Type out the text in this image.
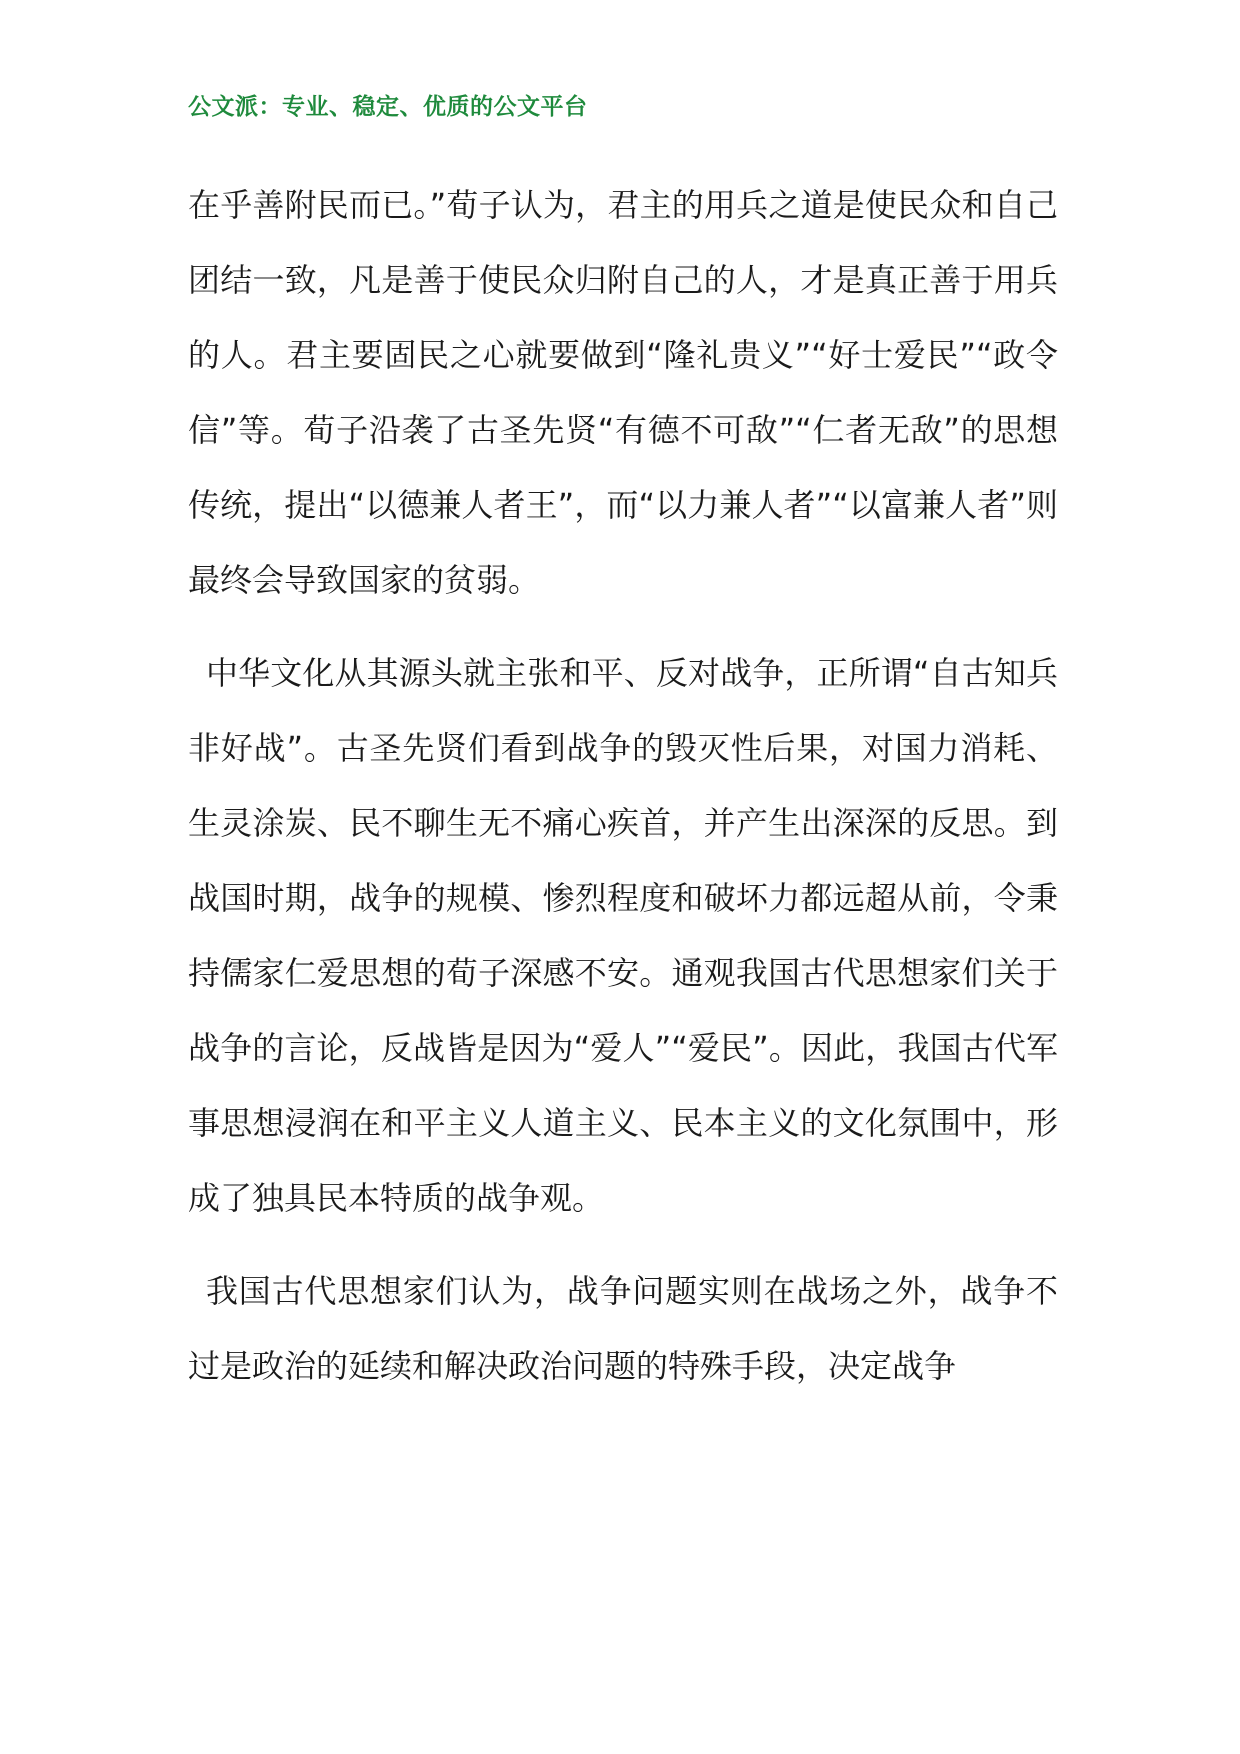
公文派：专业、稳定、优质的公文平台

在乎善附民而已。”荀子认为，君主的用兵之道是使民众和自己团结一致，凡是善于使民众归附自己的人，才是真正善于用兵的人。君主要固民之心就要做到“隆礼贵义”“好士爱民”“政令信”等。荀子沿袭了古圣先贤“有德不可敌”“仁者无敌”的思想传统，提出“以德兼人者王”，而“以力兼人者”“以富兼人者”则最终会导致国家的贫弱。

中华文化从其源头就主张和平、反对战争，正所谓“自古知兵非好战”。古圣先贤们看到战争的毁灭性后果，对国力消耗、生灵涂炭、民不聊生无不痛心疾首，并产生出深深的反思。到战国时期，战争的规模、惨烈程度和破坏力都远超从前，令秉持儒家仁爱思想的荀子深感不安。通观我国古代思想家们关于战争的言论，反战皆是因为“爱人”“爱民”。因此，我国古代军事思想浸润在和平主义人道主义、民本主义的文化氛围中，形成了独具民本特质的战争观。

我国古代思想家们认为，战争问题实则在战场之外，战争不过是政治的延续和解决政治问题的特殊手段，决定战争
